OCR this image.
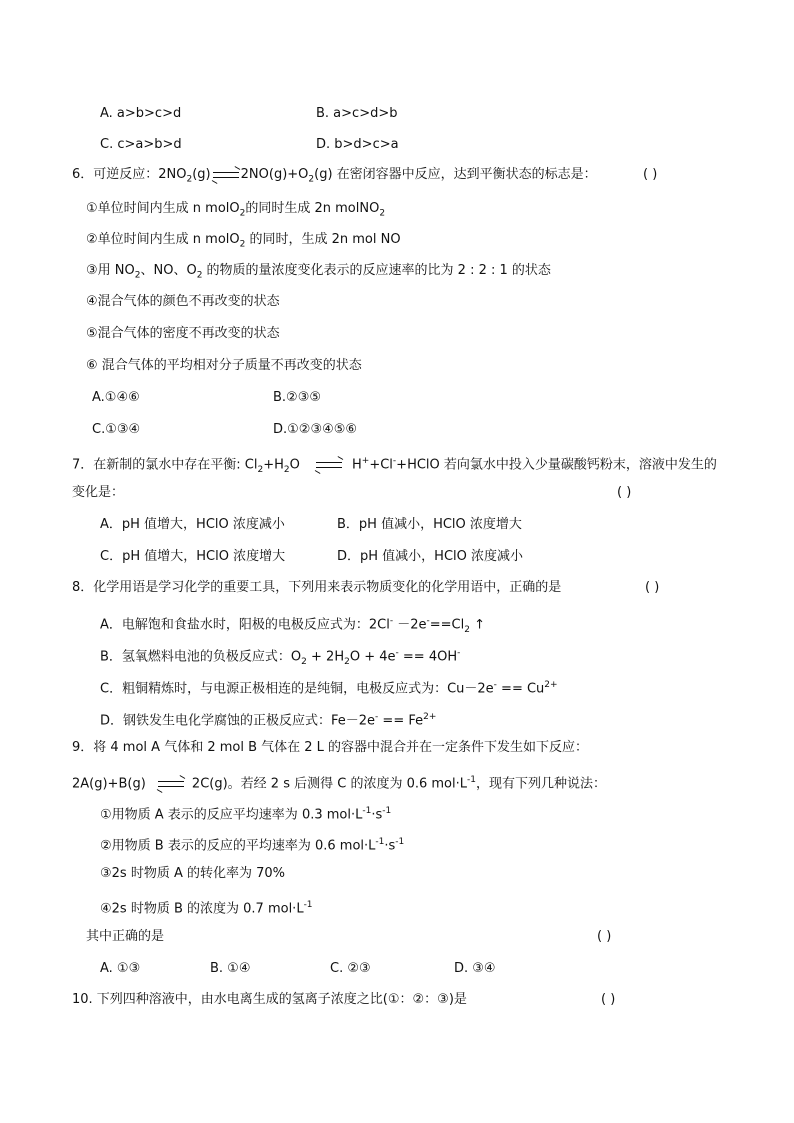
A. a>b>c>d	B. a>c>d>b
C. c>a>b>d	D. b>d>c>a
6．可逆反应：$2NO_2(g)$ $2NO(g)+O_2(g)$ 在密闭容器中反应，达到平衡状态的标志是：	( )
①单位时间内生成 n molO$_2$的同时生成 2n molNO$_2$
②单位时间内生成 n molO$_2$ 的同时，生成 2n mol NO
③用 $NO_2$、NO、$O_2$ 的物质的量浓度变化表示的反应速率的比为 2 : 2 : 1 的状态
④混合气体的颜色不再改变的状态
⑤混合气体的密度不再改变的状态
⑥ 混合气体的平均相对分子质量不再改变的状态
A.①④⑥	B.②③⑤
C.①③④	D.①②③④⑤⑥
7．在新制的氯水中存在平衡: $Cl_2+H_2O$	H++Cl-+HClO 若向氯水中投入少量碳酸钙粉末，溶液中发生的
变化是：	( )
A．pH 值增大，HClO 浓度减小	B．pH 值减小，HClO 浓度增大
C．pH 值增大，HClO 浓度增大	D．pH 值减小，HClO 浓度减小
8．化学用语是学习化学的重要工具，下列用来表示物质变化的化学用语中，正确的是	( )
A．电解饱和食盐水时，阳极的电极反应式为：$2Cl^- -2e^-==Cl_2$ ↑
B．氢氧燃料电池的负极反应式：$O_2 + 2H_2O + 4e^- == 4OH^-$
C．粗铜精炼时，与电源正极相连的是纯铜，电极反应式为：$Cu-2e^- == Cu^{2+}$
D．钢铁发生电化学腐蚀的正极反应式：$Fe-2e^- == Fe^{2+}$
9．将 4 mol A 气体和 2 mol B 气体在 2 L 的容器中混合并在一定条件下发生如下反应：
2A(g)+B(g)	2C(g)。若经 2 s 后测得 C 的浓度为 0.6 $mol\cdot L^{-1}$，现有下列几种说法：
①用物质 A 表示的反应平均速率为 0.3 $mol\cdot L^{-1}\cdot s^{-1}$
②用物质 B 表示的反应的平均速率为 0.6 $mol\cdot L^{-1}\cdot s^{-1}$
③2s 时物质 A 的转化率为 70%
④2s 时物质 B 的浓度为 0.7 $mol\cdot L^{-1}$
其中正确的是	( )
A. ①③	B. ①④	C. ②③	D. ③④
10. 下列四种溶液中，由水电离生成的氢离子浓度之比(①：②：③)是	( )
